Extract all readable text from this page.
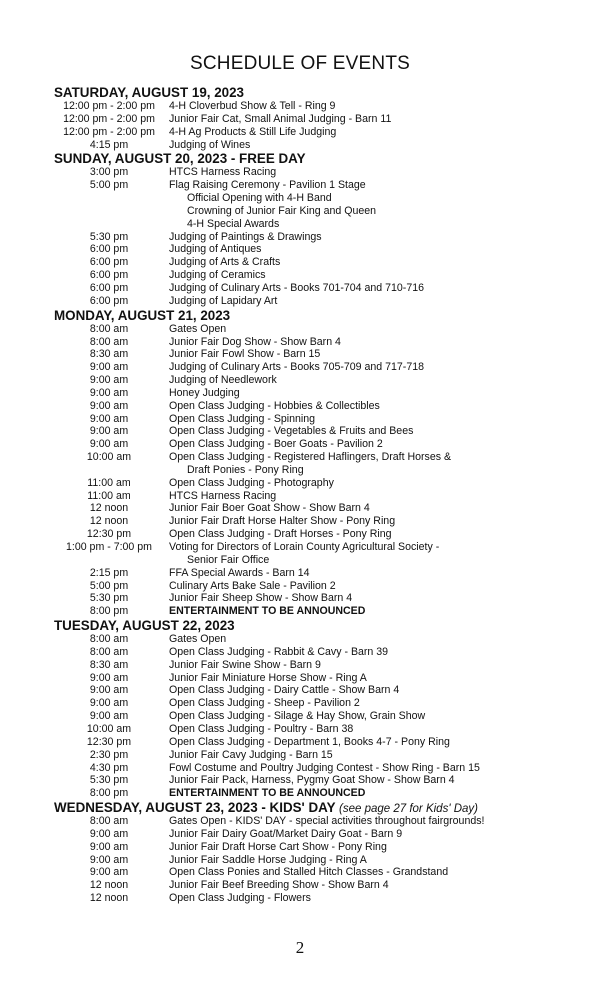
SCHEDULE OF EVENTS
SATURDAY, AUGUST 19, 2023
12:00 pm - 2:00 pm	4-H Cloverbud Show & Tell - Ring 9
12:00 pm - 2:00 pm	Junior Fair Cat, Small Animal Judging - Barn 11
12:00 pm - 2:00 pm	4-H Ag Products & Still Life Judging
4:15 pm	Judging of Wines
SUNDAY, AUGUST 20, 2023 - FREE DAY
3:00 pm	HTCS Harness Racing
5:00 pm	Flag Raising Ceremony - Pavilion 1 Stage
Official Opening with 4-H Band
Crowning of Junior Fair King and Queen
4-H Special Awards
5:30 pm	Judging of Paintings & Drawings
6:00 pm	Judging of Antiques
6:00 pm	Judging of Arts & Crafts
6:00 pm	Judging of Ceramics
6:00 pm	Judging of Culinary Arts - Books 701-704 and 710-716
6:00 pm	Judging of Lapidary Art
MONDAY, AUGUST 21, 2023
8:00 am	Gates Open
8:00 am	Junior Fair Dog Show - Show Barn 4
8:30 am	Junior Fair Fowl Show - Barn 15
9:00 am	Judging of Culinary Arts - Books 705-709 and 717-718
9:00 am	Judging of Needlework
9:00 am	Honey Judging
9:00 am	Open Class Judging - Hobbies & Collectibles
9:00 am	Open Class Judging - Spinning
9:00 am	Open Class Judging - Vegetables & Fruits and Bees
9:00 am	Open Class Judging - Boer Goats - Pavilion 2
10:00 am	Open Class Judging - Registered Haflingers, Draft Horses &
Draft Ponies - Pony Ring
11:00 am	Open Class Judging - Photography
11:00 am	HTCS Harness Racing
12 noon	Junior Fair Boer Goat Show - Show Barn 4
12 noon	Junior Fair Draft Horse Halter Show - Pony Ring
12:30 pm	Open Class Judging - Draft Horses - Pony Ring
1:00 pm - 7:00 pm	Voting for Directors of Lorain County Agricultural Society -
Senior Fair Office
2:15 pm	FFA Special Awards - Barn 14
5:00 pm	Culinary Arts Bake Sale - Pavilion 2
5:30 pm	Junior Fair Sheep Show - Show Barn 4
8:00 pm	ENTERTAINMENT TO BE ANNOUNCED
TUESDAY, AUGUST 22, 2023
8:00 am	Gates Open
8:00 am	Open Class Judging - Rabbit & Cavy - Barn 39
8:30 am	Junior Fair Swine Show - Barn 9
9:00 am	Junior Fair Miniature Horse Show - Ring A
9:00 am	Open Class Judging - Dairy Cattle - Show Barn 4
9:00 am	Open Class Judging - Sheep - Pavilion 2
9:00 am	Open Class Judging - Silage & Hay Show, Grain Show
10:00 am	Open Class Judging - Poultry - Barn 38
12:30 pm	Open Class Judging - Department 1, Books 4-7 - Pony Ring
2:30 pm	Junior Fair Cavy Judging - Barn 15
4:30 pm	Fowl Costume and Poultry Judging Contest - Show Ring - Barn 15
5:30 pm	Junior Fair Pack, Harness, Pygmy Goat Show - Show Barn 4
8:00 pm	ENTERTAINMENT TO BE ANNOUNCED
WEDNESDAY, AUGUST 23, 2023 - KIDS' DAY (see page 27 for Kids' Day)
8:00 am	Gates Open - KIDS' DAY - special activities throughout fairgrounds!
9:00 am	Junior Fair Dairy Goat/Market Dairy Goat - Barn 9
9:00 am	Junior Fair Draft Horse Cart Show - Pony Ring
9:00 am	Junior Fair Saddle Horse Judging - Ring A
9:00 am	Open Class Ponies and Stalled Hitch Classes - Grandstand
12 noon	Junior Fair Beef Breeding Show - Show Barn 4
12 noon	Open Class Judging - Flowers
2
